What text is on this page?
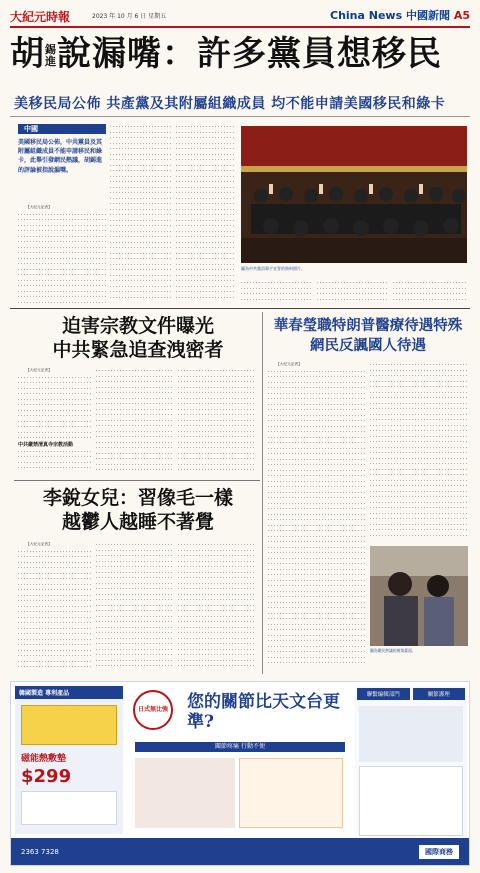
大紀元時報	2023 年 10 月 6 日 星期五	China News 中國新聞 A5
胡錫進說漏嘴：許多黨員想移民
美移民局公佈 共產黨及其附屬組織成員 均不能申請美國移民和綠卡
中國
美國移民局公佈，中共黨員及其附屬組織成員不能申請移民和綠卡，此舉引發網民熱議，胡錫進的評論被指說漏嘴。

【大紀元記者】

圖為中共黨員舉手宣誓的資料照片。
迫害宗教文件曝光
中共緊急追查洩密者

【大紀元記者】

中共嚴禁清真寺宗教活動
李銳女兒：習像毛一樣
越鬱人越睡不著覺

【大紀元記者】

華春瑩職特朗普醫療待遇特殊
網民反諷國人待遇

【大紀元記者】

圖為網民熱議的視頻畫面。
韓國製造 專利產品
磁能熱敷墊
$299
日式無比強 您的關節比天文台更準?
關節疼痛 行動不便
聯繫編輯部門	關節護理
2363 7328	國際商務
